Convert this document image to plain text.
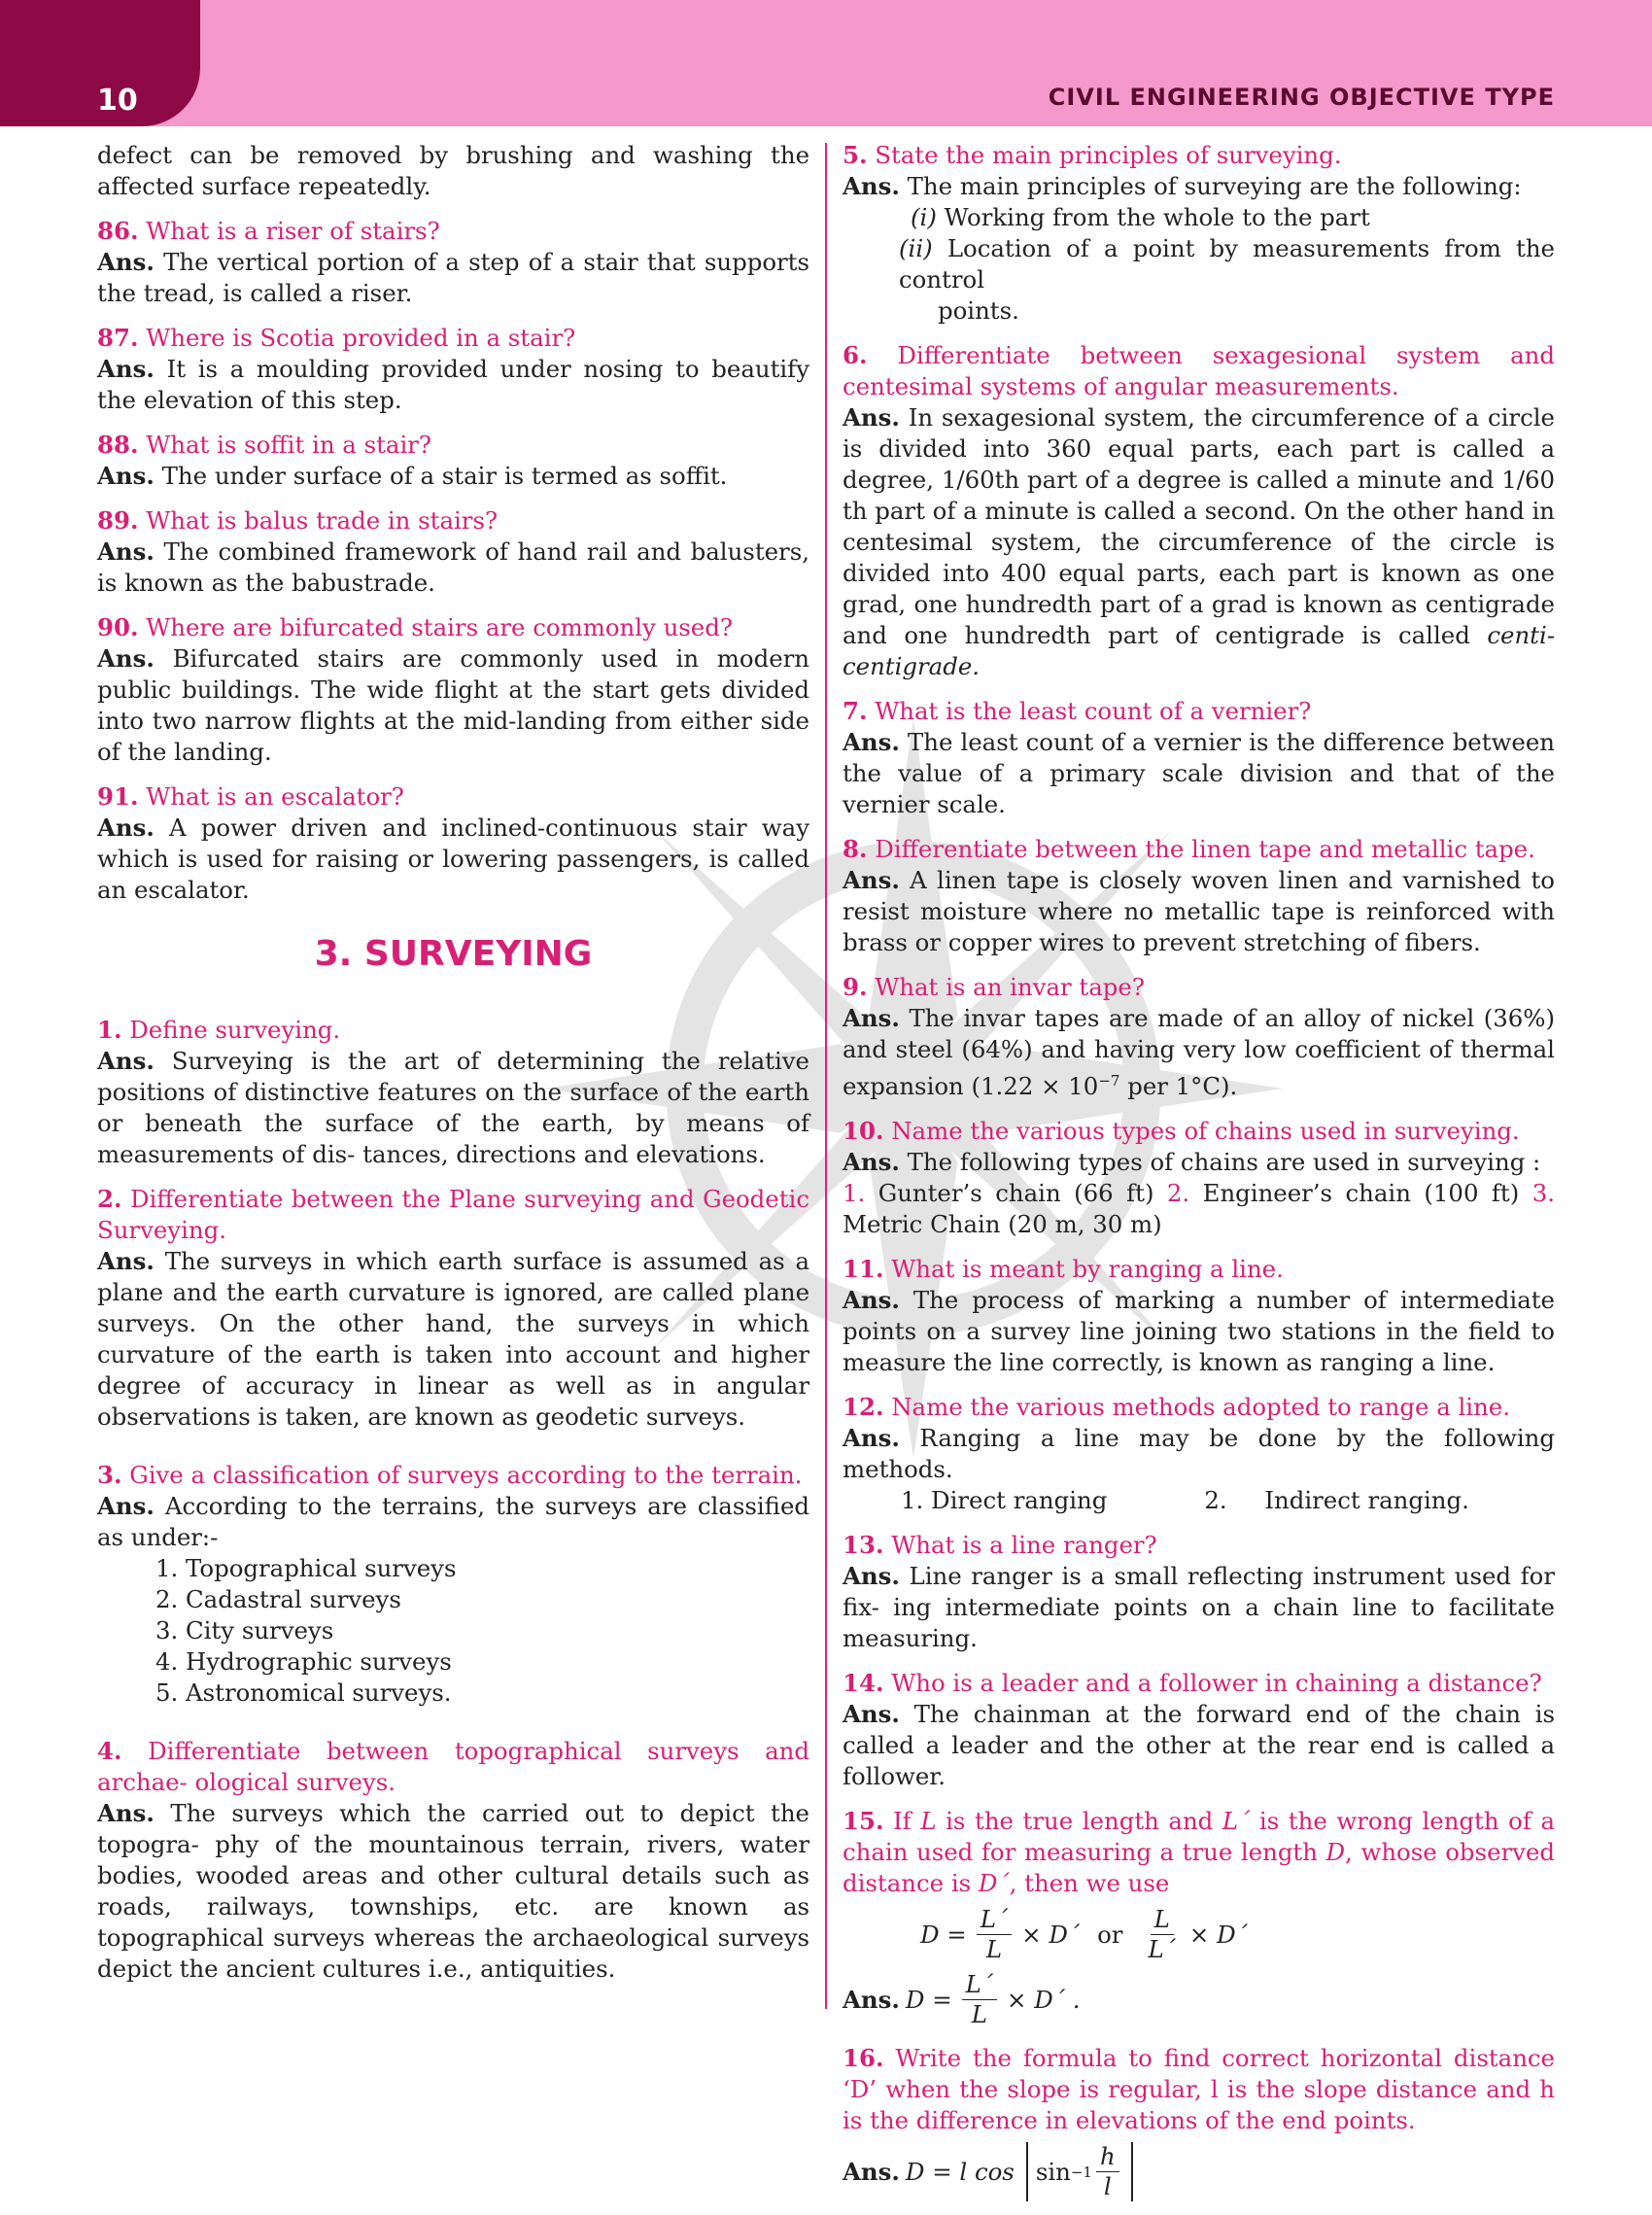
10	CIVIL ENGINEERING OBJECTIVE TYPE

defect can be removed by brushing and washing the affected surface repeatedly.

86. What is a riser of stairs?

Ans. The vertical portion of a step of a stair that supports the tread, is called a riser.

87. Where is Scotia provided in a stair?

Ans. It is a moulding provided under nosing to beautify the elevation of this step.

88. What is soffit in a stair?

Ans. The under surface of a stair is termed as soffit.

89. What is balus trade in stairs?

Ans. The combined framework of hand rail and balusters, is known as the babustrade.

90. Where are bifurcated stairs are commonly used?

Ans. Bifurcated stairs are commonly used in modern public buildings. The wide flight at the start gets divided into two narrow flights at the mid-landing from either side of the landing.

91. What is an escalator?

Ans. A power driven and inclined-continuous stair way which is used for raising or lowering passengers, is called an escalator.

3. SURVEYING

1. Define surveying.

Ans. Surveying is the art of determining the relative positions of distinctive features on the surface of the earth or beneath the surface of the earth, by means of measurements of dis- tances, directions and elevations.

2. Differentiate between the Plane surveying and Geodetic Surveying.

Ans. The surveys in which earth surface is assumed as a plane and the earth curvature is ignored, are called plane surveys. On the other hand, the surveys in which curvature of the earth is taken into account and higher degree of accuracy in linear as well as in angular observations is taken, are known as geodetic surveys.

3. Give a classification of surveys according to the terrain.

Ans. According to the terrains, the surveys are classified as under:-

1. Topographical surveys
2. Cadastral surveys
3. City surveys
4. Hydrographic surveys
5. Astronomical surveys.

4. Differentiate between topographical surveys and archae- ological surveys.

Ans. The surveys which the carried out to depict the topogra- phy of the mountainous terrain, rivers, water bodies, wooded areas and other cultural details such as roads, railways, townships, etc. are known as topographical surveys whereas the archaeological surveys depict the ancient cultures i.e., antiquities.

5. State the main principles of surveying.

Ans. The main principles of surveying are the following:

(i) Working from the whole to the part

(ii) Location of a point by measurements from the control

points.

6. Differentiate between sexagesional system and centesimal systems of angular measurements.

Ans. In sexagesional system, the circumference of a circle is divided into 360 equal parts, each part is called a degree, 1/60th part of a degree is called a minute and 1/60 th part of a minute is called a second. On the other hand in centesimal system, the circumference of the circle is divided into 400 equal parts, each part is known as one grad, one hundredth part of a grad is known as centigrade and one hundredth part of centigrade is called centi-centigrade.

7. What is the least count of a vernier?

Ans. The least count of a vernier is the difference between the value of a primary scale division and that of the vernier scale.

8. Differentiate between the linen tape and metallic tape.

Ans. A linen tape is closely woven linen and varnished to resist moisture where no metallic tape is reinforced with brass or copper wires to prevent stretching of fibers.

9. What is an invar tape?

Ans. The invar tapes are made of an alloy of nickel (36%) and steel (64%) and having very low coefficient of thermal expansion ($1.22 \times 10^{-7}$ per 1°C).

10. Name the various types of chains used in surveying.

Ans. The following types of chains are used in surveying :

1. Gunter’s chain (66 ft) 2. Engineer’s chain (100 ft) 3. Metric Chain (20 m, 30 m)

11. What is meant by ranging a line.

Ans. The process of marking a number of intermediate points on a survey line joining two stations in the field to measure the line correctly, is known as ranging a line.

12. Name the various methods adopted to range a line.

Ans. Ranging a line may be done by the following methods.

1. Direct ranging	2.     Indirect ranging.

13. What is a line ranger?

Ans. Line ranger is a small reflecting instrument used for fix- ing intermediate points on a chain line to facilitate measuring.

14. Who is a leader and a follower in chaining a distance?

Ans. The chainman at the forward end of the chain is called a leader and the other at the rear end is called a follower.

15. If L is the true length and L´ is the wrong length of a chain used for measuring a true length D, whose observed distance is D´, then we use

$D = \frac{L´}{L}$ × D´ or $\frac{L}{L´}$ × D´
Ans. $D = \frac{L´}{L}$ × D´ .

16. Write the formula to find correct horizontal distance ‘D’ when the slope is regular, l is the slope distance and h is the difference in elevations of the end points.

Ans. D = l $\cos \sin -1 \frac{h}{l}$
